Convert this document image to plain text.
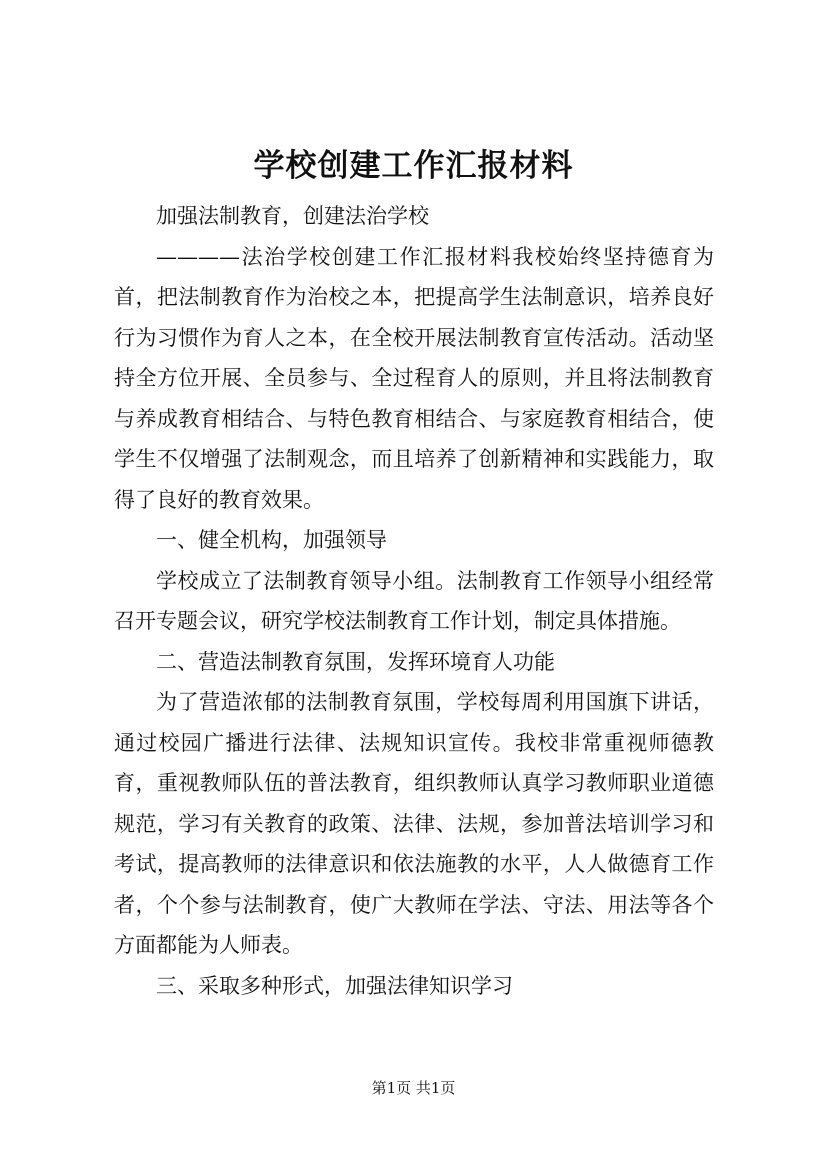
学校创建工作汇报材料

加强法制教育，创建法治学校

————法治学校创建工作汇报材料我校始终坚持德育为首，把法制教育作为治校之本，把提高学生法制意识，培养良好行为习惯作为育人之本，在全校开展法制教育宣传活动。活动坚持全方位开展、全员参与、全过程育人的原则，并且将法制教育与养成教育相结合、与特色教育相结合、与家庭教育相结合，使学生不仅增强了法制观念，而且培养了创新精神和实践能力，取得了良好的教育效果。

一、健全机构，加强领导

学校成立了法制教育领导小组。法制教育工作领导小组经常召开专题会议，研究学校法制教育工作计划，制定具体措施。

二、营造法制教育氛围，发挥环境育人功能

为了营造浓郁的法制教育氛围，学校每周利用国旗下讲话，通过校园广播进行法律、法规知识宣传。我校非常重视师德教育，重视教师队伍的普法教育，组织教师认真学习教师职业道德规范，学习有关教育的政策、法律、法规，参加普法培训学习和考试，提高教师的法律意识和依法施教的水平，人人做德育工作者，个个参与法制教育，使广大教师在学法、守法、用法等各个方面都能为人师表。

三、采取多种形式，加强法律知识学习

第1页 共1页
